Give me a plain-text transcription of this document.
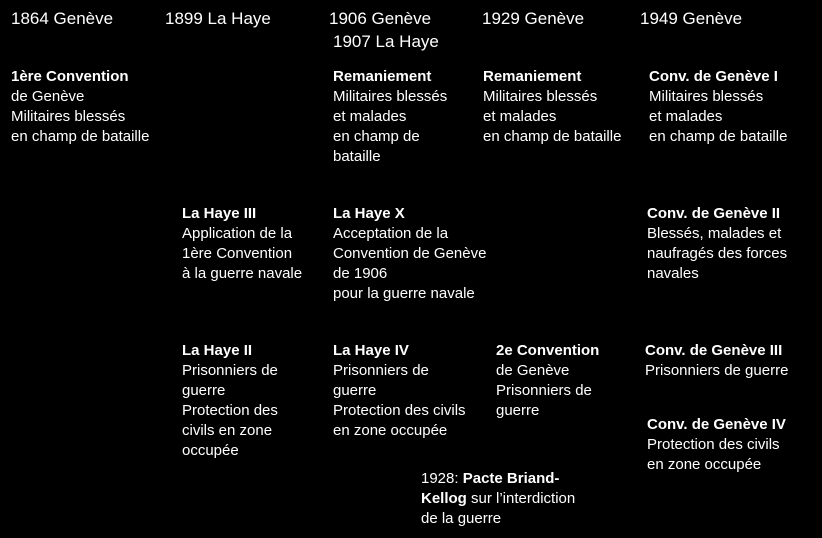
1864 Genève	1899 La Haye	1906 Genève
1907 La Haye
1929 Genève	1949 Genève
1ère Convention
de Genève
Militaires blessés
en champ de bataille
Remaniement
Militaires blessés
et malades
en champ de
bataille
Remaniement
Militaires blessés
et malades
en champ de bataille
Conv. de Genève I
Militaires blessés
et malades
en champ de bataille
La Haye III
Application de la
1ère Convention
à la guerre navale
La Haye X
Acceptation de la
Convention de Genève
de 1906
pour la guerre navale
Conv. de Genève II
Blessés, malades et
naufragés des forces
navales
La Haye II
Prisonniers de
guerre
Protection des
civils en zone
occupée
La Haye IV
Prisonniers de
guerre
Protection des civils
en zone occupée
2e Convention
de Genève
Prisonniers de
guerre
Conv. de Genève III
Prisonniers de guerre
Conv. de Genève IV
Protection des civils
en zone occupée
1928: Pacte Briand-
Kellog sur l’interdiction
de la guerre
